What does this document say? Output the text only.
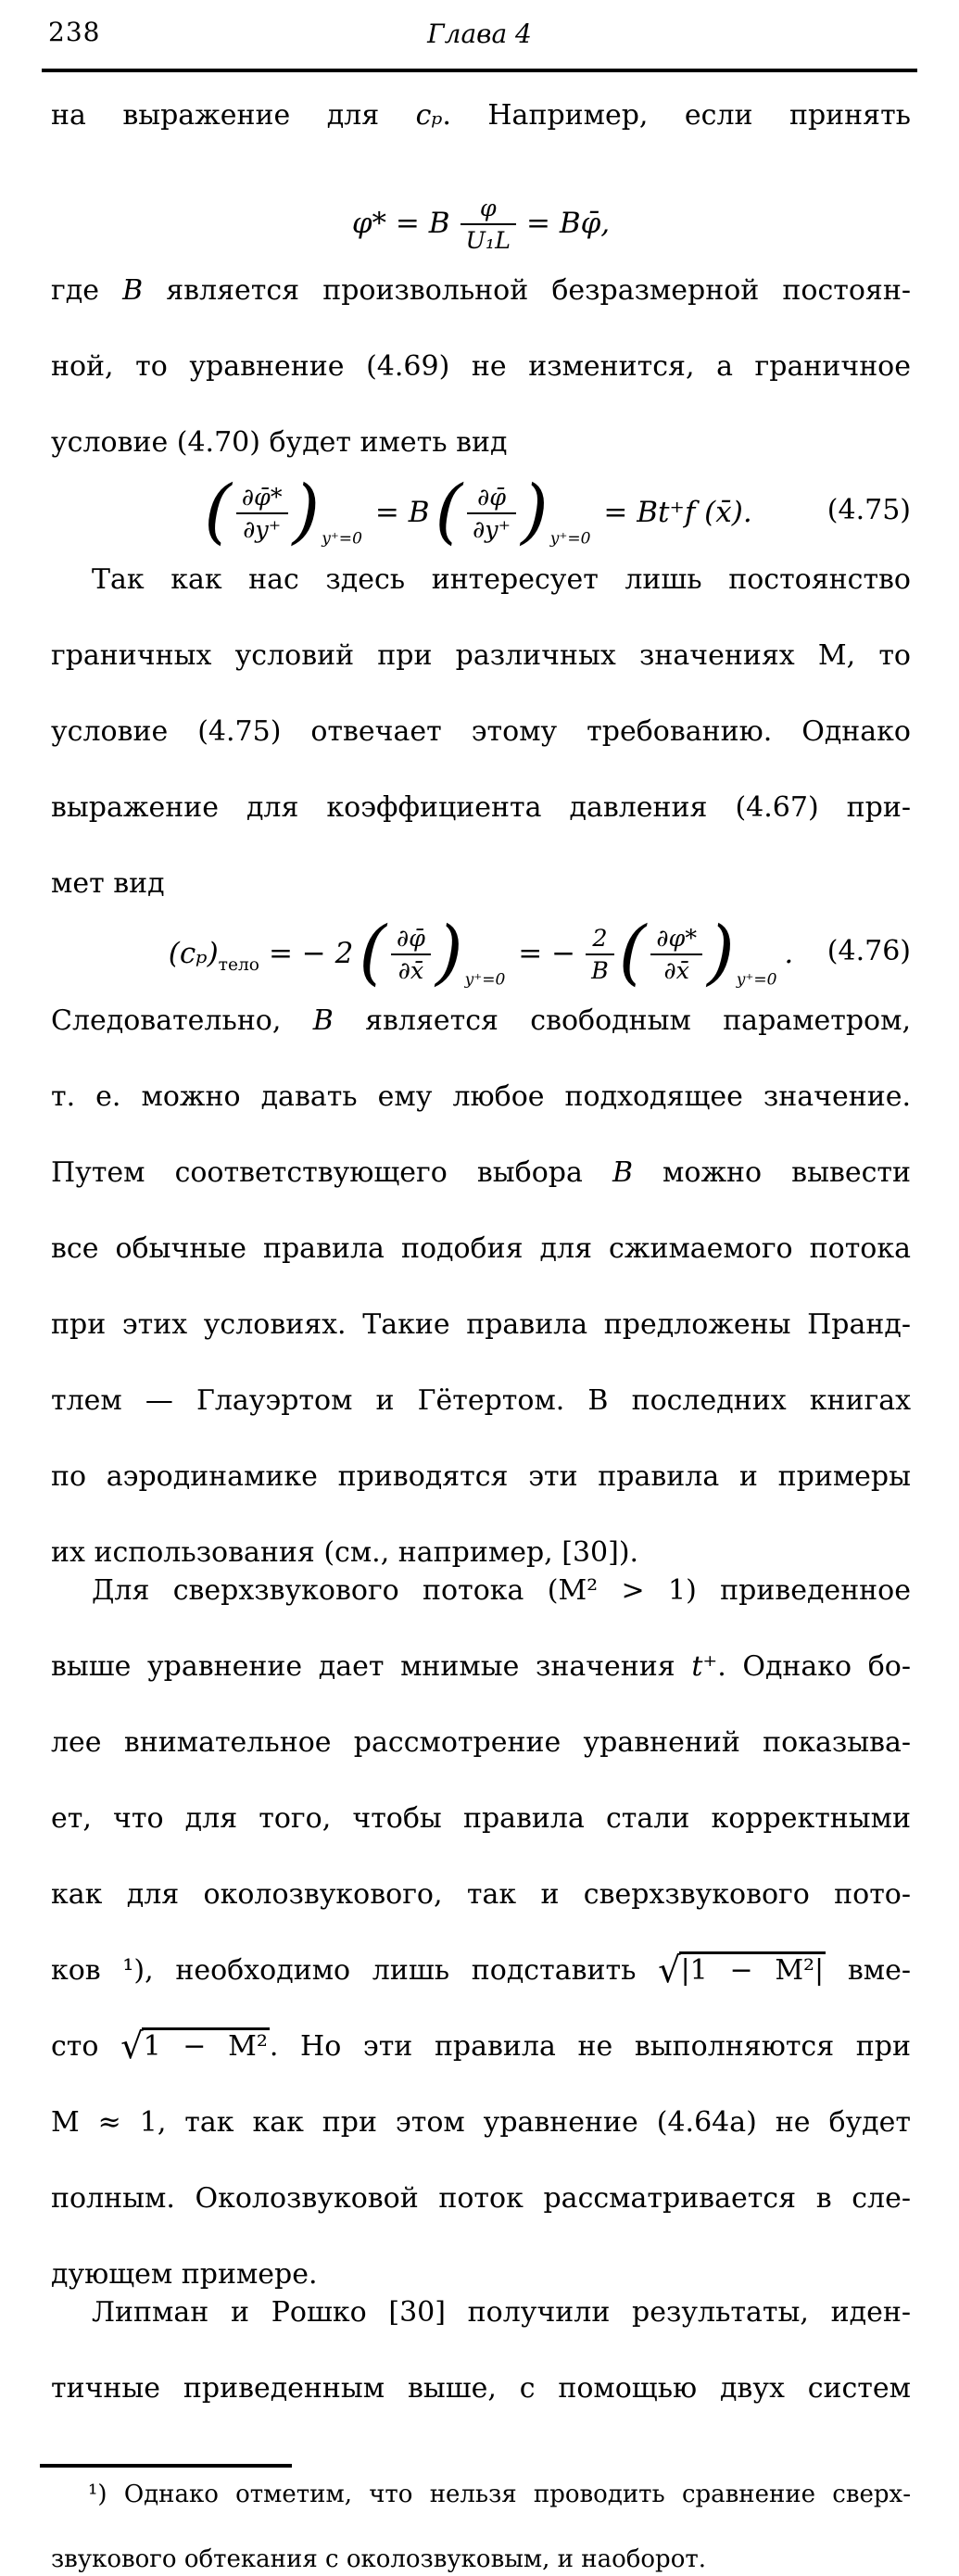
238	Глава 4
на выражение для cₚ. Например, если принять
φ* = B $\frac{\varphi}{\text{U₁L}}$ = Bφ̄,
где B является произвольной безразмерной постоян-
ной, то уравнение (4.69) не изменится, а граничное
условие (4.70) будет иметь вид
( $\frac{\partial\varphī*}{\partial y^+}$ ) $y^+=0= B( \frac{\partial\varphī}{\partial y^+}$ ) y⁺=0= Bt⁺f (x̄).	(4.75)
Так как нас здесь интересует лишь постоянство
граничных условий при различных значениях М, то
условие (4.75) отвечает этому требованию. Однако
выражение для коэффициента давления (4.67) при-
мет вид
$(c_p)_{тело}$ = − $2( \frac{\partial\varphī}{\partial x̄}$ ) $y^+=0= - \frac{2}{B}$ ( $\frac{\partial\varphi*}{\partial x̄}$ ) y⁺=0. (4.76)
Следовательно, B является свободным параметром,
т. е. можно давать ему любое подходящее значение.
Путем соответствующего выбора B можно вывести
все обычные правила подобия для сжимаемого потока
при этих условиях. Такие правила предложены Пранд-
тлем — Глауэртом и Гётертом. В последних книгах
по аэродинамике приводятся эти правила и примеры
их использования (см., например, [30]).
Для сверхзвукового потока (М² > 1) приведенное
выше уравнение дает мнимые значения t⁺. Однако бо-
лее внимательное рассмотрение уравнений показыва-
ет, что для того, чтобы правила стали корректными
как для околозвукового, так и сверхзвукового пото-
ков ¹), необходимо лишь подставить √|1 − М²| вме-
сто √1 − М². Но эти правила не выполняются при
М ≈ 1, так как при этом уравнение (4.64а) не будет
полным. Околозвуковой поток рассматривается в сле-
дующем примере.
Липман и Рошко [30] получили результаты, иден-
тичные приведенным выше, с помощью двух систем
¹) Однако отметим, что нельзя проводить сравнение сверх-
звукового обтекания с околозвуковым, и наоборот.
